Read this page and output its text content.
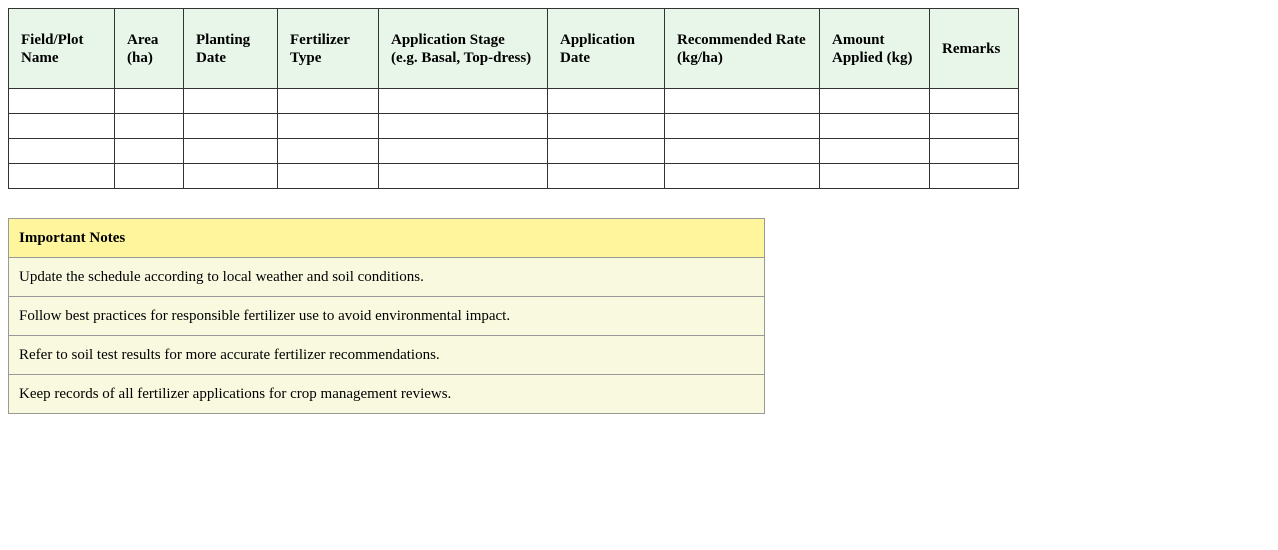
Field/Plot Name	Area (ha)	Planting Date	Fertilizer Type	Application Stage (e.g. Basal, Top-dress)	Application Date	Recommended Rate (kg/ha)	Amount Applied (kg)	Remarks

Important Notes
Update the schedule according to local weather and soil conditions.
Follow best practices for responsible fertilizer use to avoid environmental impact.
Refer to soil test results for more accurate fertilizer recommendations.
Keep records of all fertilizer applications for crop management reviews.
